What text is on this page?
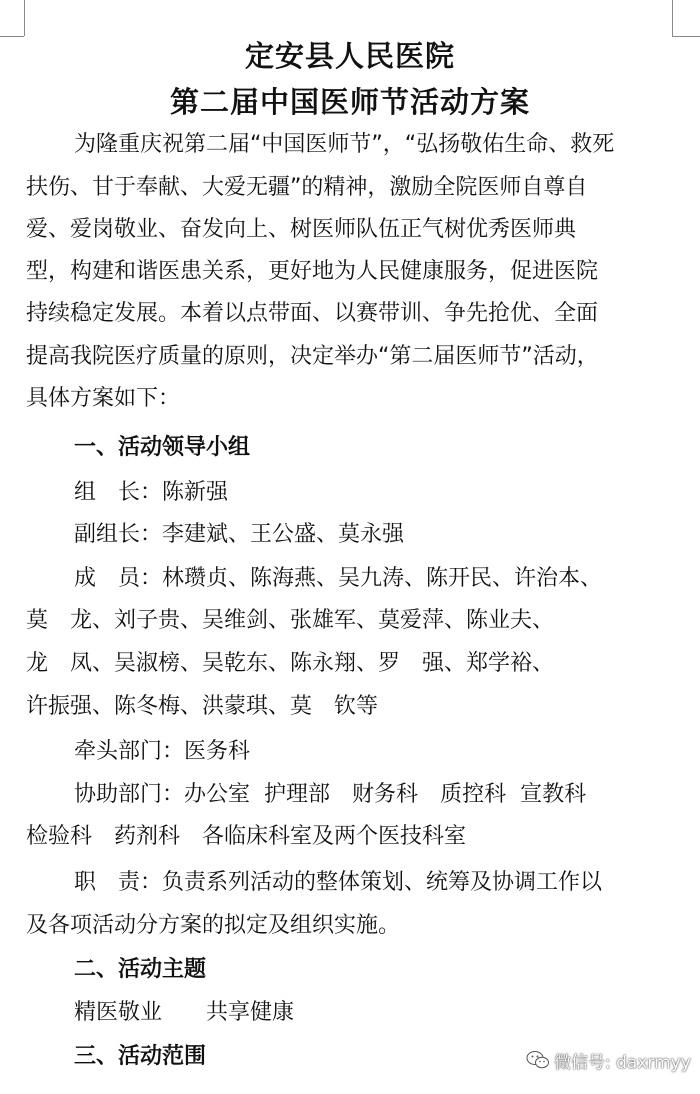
定安县人民医院
第二届中国医师节活动方案
为隆重庆祝第二届“中国医师节”，“弘扬敬佑生命、救死
扶伤、甘于奉献、大爱无疆”的精神，激励全院医师自尊自
爱、爱岗敬业、奋发向上、树医师队伍正气树优秀医师典
型，构建和谐医患关系，更好地为人民健康服务，促进医院
持续稳定发展。本着以点带面、以赛带训、争先抢优、全面
提高我院医疗质量的原则，决定举办“第二届医师节”活动，
具体方案如下：
一、活动领导小组
组　长：陈新强
副组长：李建斌、王公盛、莫永强
成　员：林瓒贞、陈海燕、吴九涛、陈开民、许治本、
莫　龙、刘子贵、吴维剑、张雄军、莫爱萍、陈业夫、
龙　凤、吴淑榜、吴乾东、陈永翔、罗　强、郑学裕、
许振强、陈冬梅、洪蒙琪、莫　钦等
牵头部门：医务科
协助部门：办公室 护理部 财务科 质控科 宣教科
检验科 药剂科 各临床科室及两个医技科室
职　责：负责系列活动的整体策划、统筹及协调工作以
及各项活动分方案的拟定及组织实施。
二、活动主题
精医敬业 共享健康
三、活动范围	微信号: daxrmyy
